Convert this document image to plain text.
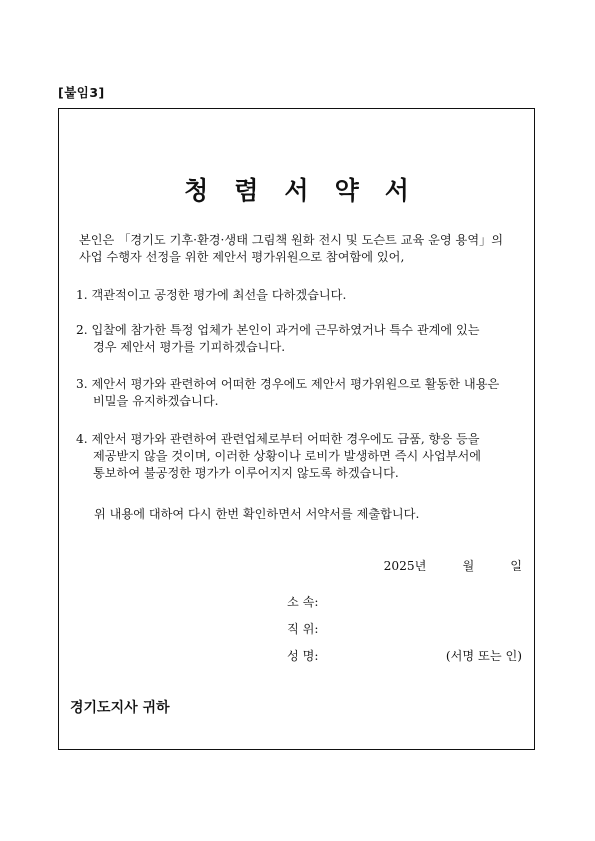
[붙임3]
청 렴 서 약 서
본인은 「경기도 기후·환경·생태 그림책 원화 전시 및 도슨트 교육 운영 용역」의
사업 수행자 선정을 위한 제안서 평가위원으로 참여함에 있어,
1. 객관적이고 공정한 평가에 최선을 다하겠습니다.
2. 입찰에 참가한 특정 업체가 본인이 과거에 근무하였거나 특수 관계에 있는
경우 제안서 평가를 기피하겠습니다.
3. 제안서 평가와 관련하여 어떠한 경우에도 제안서 평가위원으로 활동한 내용은
비밀을 유지하겠습니다.
4. 제안서 평가와 관련하여 관련업체로부터 어떠한 경우에도 금품, 향응 등을
제공받지 않을 것이며, 이러한 상황이나 로비가 발생하면 즉시 사업부서에
통보하여 불공정한 평가가 이루어지지 않도록 하겠습니다.
위 내용에 대하여 다시 한번 확인하면서 서약서를 제출합니다.
2025년	월	일
소 속:
직 위:
성 명:	(서명 또는 인)
경기도지사 귀하
